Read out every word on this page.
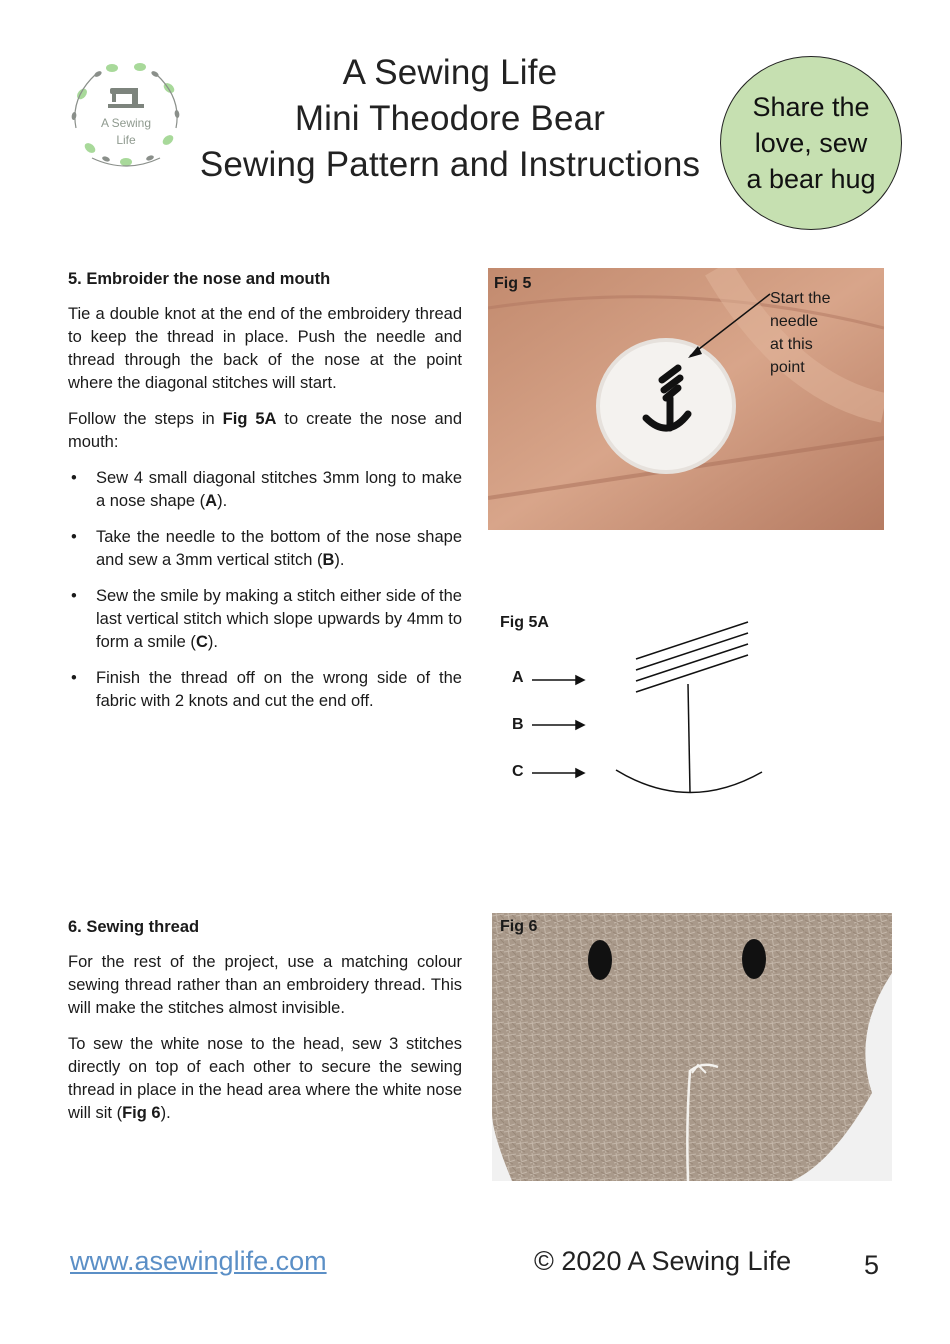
A Sewing
Life
A Sewing Life
Mini Theodore Bear
Sewing Pattern and Instructions
Share the
love, sew
a bear hug

5. Embroider the nose and mouth

Tie a double knot at the end of the embroidery thread to keep the thread in place. Push the needle and thread through the back of the nose at the point where the diagonal stitches will start.

Follow the steps in Fig 5A to create the nose and mouth:

• Sew 4 small diagonal stitches 3mm long to make a nose shape (A).
• Take the needle to the bottom of the nose shape and sew a 3mm vertical stitch (B).
• Sew the smile by making a stitch either side of the last vertical stitch which slope upwards by 4mm to form a smile (C).
• Finish the thread off on the wrong side of the fabric with 2 knots and cut the end off.
Fig 5
Start the
needle
at this
point
Fig 5A
A
B
C

6. Sewing thread

For the rest of the project, use a matching colour sewing thread rather than an embroidery thread. This will make the stitches almost invisible.

To sew the white nose to the head, sew 3 stitches directly on top of each other to secure the sewing thread in place in the head area where the white nose will sit (Fig 6).

Fig 6
www.asewinglife.com	© 2020 A Sewing Life	5
